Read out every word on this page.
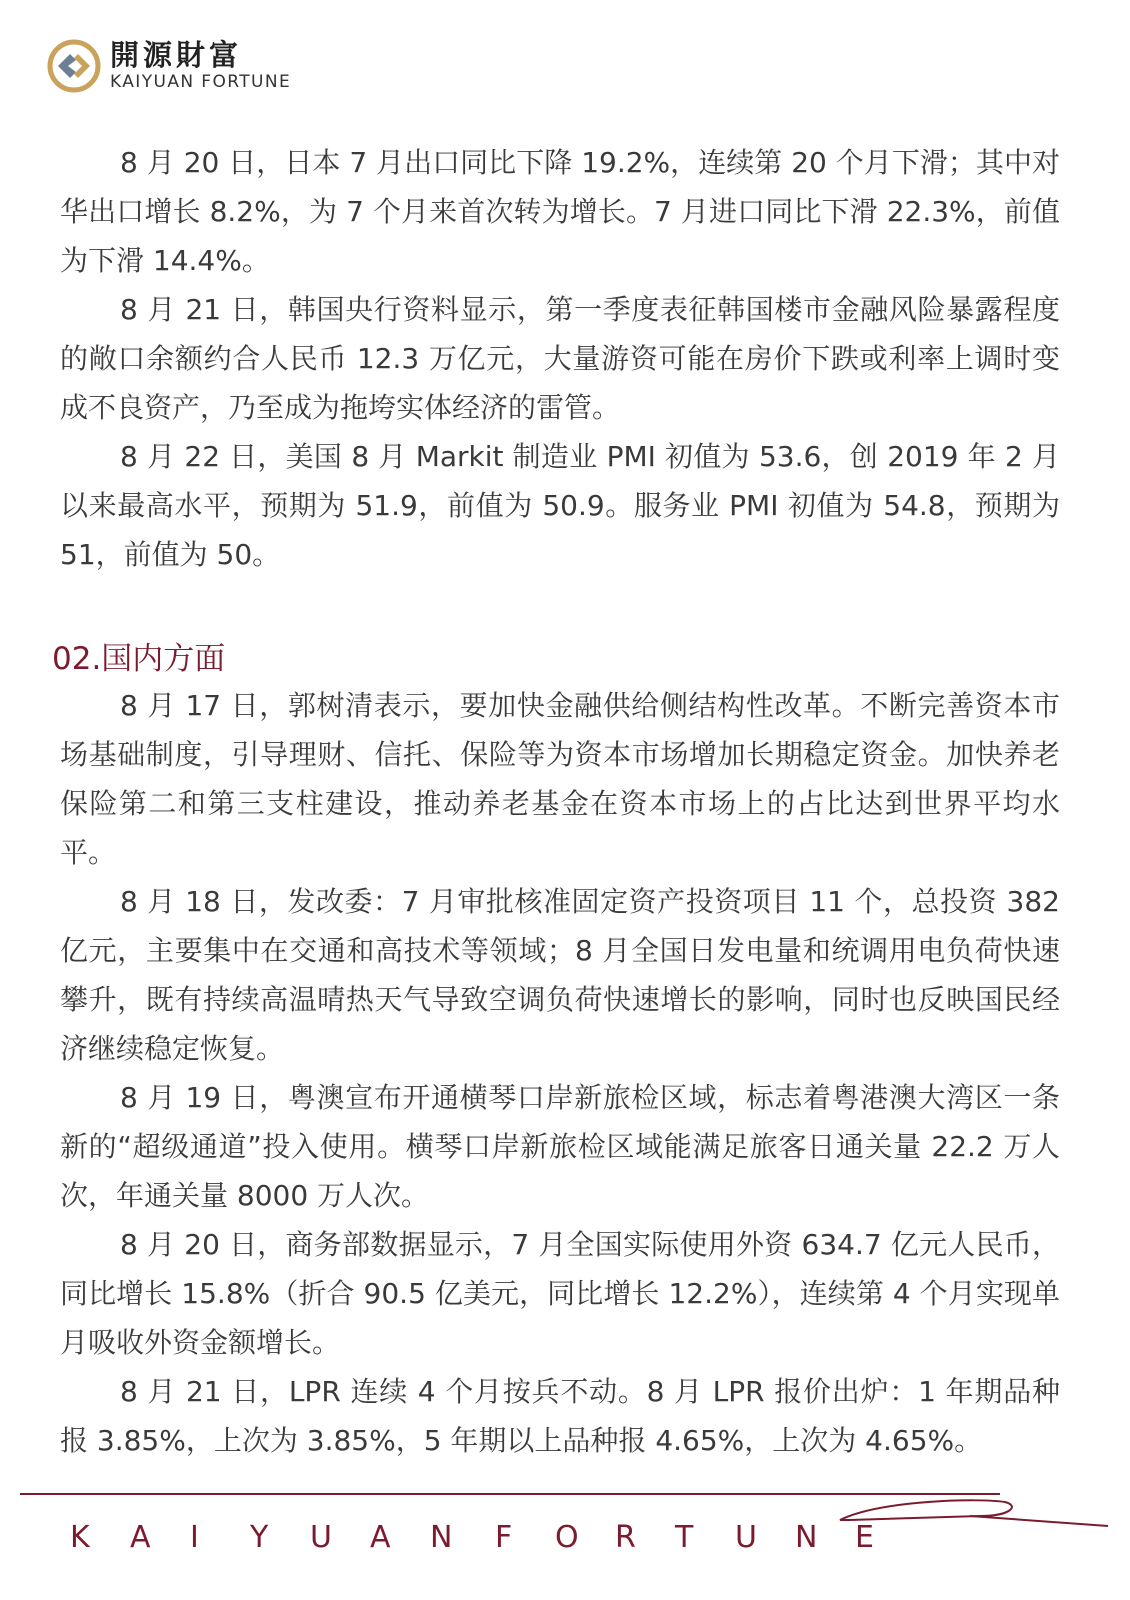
開源財富
KAIYUAN FORTUNE

8 月 20 日，日本 7 月出口同比下降 19.2%，连续第 20 个月下滑；其中对华出口增长 8.2%，为 7 个月来首次转为增长。7 月进口同比下滑 22.3%，前值为下滑 14.4%。

8 月 21 日，韩国央行资料显示，第一季度表征韩国楼市金融风险暴露程度的敞口余额约合人民币 12.3 万亿元，大量游资可能在房价下跌或利率上调时变成不良资产，乃至成为拖垮实体经济的雷管。

8 月 22 日，美国 8 月 Markit 制造业 PMI 初值为 53.6，创 2019 年 2 月以来最高水平，预期为 51.9，前值为 50.9。服务业 PMI 初值为 54.8，预期为 51，前值为 50。

02.国内方面

8 月 17 日，郭树清表示，要加快金融供给侧结构性改革。不断完善资本市场基础制度，引导理财、信托、保险等为资本市场增加长期稳定资金。加快养老保险第二和第三支柱建设，推动养老基金在资本市场上的占比达到世界平均水平。

8 月 18 日，发改委：7 月审批核准固定资产投资项目 11 个，总投资 382 亿元，主要集中在交通和高技术等领域；8 月全国日发电量和统调用电负荷快速攀升，既有持续高温晴热天气导致空调负荷快速增长的影响，同时也反映国民经济继续稳定恢复。

8 月 19 日，粤澳宣布开通横琴口岸新旅检区域，标志着粤港澳大湾区一条新的“超级通道”投入使用。横琴口岸新旅检区域能满足旅客日通关量 22.2 万人次，年通关量 8000 万人次。

8 月 20 日，商务部数据显示，7 月全国实际使用外资 634.7 亿元人民币，同比增长 15.8%（折合 90.5 亿美元，同比增长 12.2%），连续第 4 个月实现单月吸收外资金额增长。

8 月 21 日，LPR 连续 4 个月按兵不动。8 月 LPR 报价出炉：1 年期品种报 3.85%，上次为 3.85%，5 年期以上品种报 4.65%，上次为 4.65%。

K	A	I	Y	U	A	N	F	O	R	T	U	N	E
